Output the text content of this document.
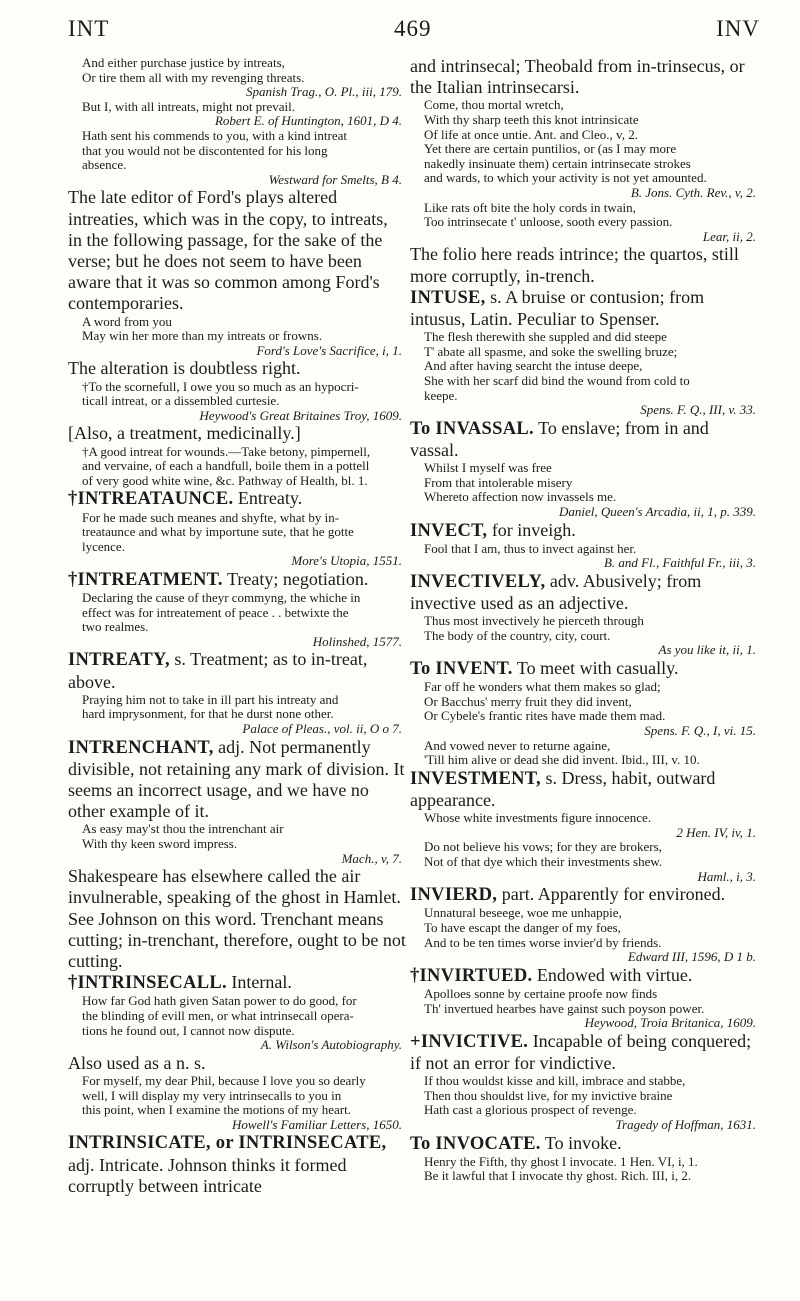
INT	469	INV
And either purchase justice by intreats,
Or tire them all with my revenging threats.
Spanish Trag., O. Pl., iii, 179.
But I, with all intreats, might not prevail.
Robert E. of Huntington, 1601, D 4.
Hath sent his commends to you, with a kind intreat
that you would not be discontented for his long
absence.
Westward for Smelts, B 4.

The late editor of Ford's plays altered intreaties, which was in the copy, to intreats, in the following passage, for the sake of the verse; but he does not seem to have been aware that it was so common among Ford's contemporaries.

A word from you
May win her more than my intreats or frowns.
Ford's Love's Sacrifice, i, 1.

The alteration is doubtless right.

†To the scornefull, I owe you so much as an hypocri-
ticall intreat, or a dissembled curtesie.
Heywood's Great Britaines Troy, 1609.

[Also, a treatment, medicinally.]

†A good intreat for wounds.—Take betony, pimpernell,
and vervaine, of each a handfull, boile them in a pottell
of very good white wine, &c. Pathway of Health, bl. 1.

†INTREATAUNCE. Entreaty.

For he made such meanes and shyfte, what by in-
treataunce and what by importune sute, that he gotte
lycence.
More's Utopia, 1551.

†INTREATMENT. Treaty; negotiation.

Declaring the cause of theyr commyng, the whiche in
effect was for intreatement of peace . . betwixte the
two realmes.
Holinshed, 1577.

INTREATY, s. Treatment; as to in-treat, above.

Praying him not to take in ill part his intreaty and
hard imprysonment, for that he durst none other.
Palace of Pleas., vol. ii, O o 7.

INTRENCHANT, adj. Not permanently divisible, not retaining any mark of division. It seems an incorrect usage, and we have no other example of it.

As easy may'st thou the intrenchant air
With thy keen sword impress.
Mach., v, 7.

Shakespeare has elsewhere called the air invulnerable, speaking of the ghost in Hamlet. See Johnson on this word. Trenchant means cutting; in-trenchant, therefore, ought to be not cutting.

†INTRINSECALL. Internal.

How far God hath given Satan power to do good, for
the blinding of evill men, or what intrinsecall opera-
tions he found out, I cannot now dispute.
A. Wilson's Autobiography.

Also used as a n. s.

For myself, my dear Phil, because I love you so dearly
well, I will display my very intrinsecalls to you in
this point, when I examine the motions of my heart.
Howell's Familiar Letters, 1650.

INTRINSICATE, or INTRINSECATE, adj. Intricate. Johnson thinks it formed corruptly between intricate

and intrinsecal; Theobald from in-trinsecus, or the Italian intrinsecarsi.

Come, thou mortal wretch,
With thy sharp teeth this knot intrinsicate
Of life at once untie. Ant. and Cleo., v, 2.
Yet there are certain puntilios, or (as I may more
nakedly insinuate them) certain intrinsecate strokes
and wards, to which your activity is not yet amounted.
B. Jons. Cyth. Rev., v, 2.
Like rats oft bite the holy cords in twain,
Too intrinsecate t' unloose, sooth every passion.
Lear, ii, 2.

The folio here reads intrince; the quartos, still more corruptly, in-trench.

INTUSE, s. A bruise or contusion; from intusus, Latin. Peculiar to Spenser.

The flesh therewith she suppled and did steepe
T' abate all spasme, and soke the swelling bruze;
And after having searcht the intuse deepe,
She with her scarf did bind the wound from cold to
keepe.
Spens. F. Q., III, v. 33.

To INVASSAL. To enslave; from in and vassal.

Whilst I myself was free
From that intolerable misery
Whereto affection now invassels me.
Daniel, Queen's Arcadia, ii, 1, p. 339.

INVECT, for inveigh.

Fool that I am, thus to invect against her.
B. and Fl., Faithful Fr., iii, 3.

INVECTIVELY, adv. Abusively; from invective used as an adjective.

Thus most invectively he pierceth through
The body of the country, city, court.
As you like it, ii, 1.

To INVENT. To meet with casually.

Far off he wonders what them makes so glad;
Or Bacchus' merry fruit they did invent,
Or Cybele's frantic rites have made them mad.
Spens. F. Q., I, vi. 15.
And vowed never to returne againe,
'Till him alive or dead she did invent. Ibid., III, v. 10.

INVESTMENT, s. Dress, habit, outward appearance.

Whose white investments figure innocence.
2 Hen. IV, iv, 1.
Do not believe his vows; for they are brokers,
Not of that dye which their investments shew.
Haml., i, 3.

INVIERD, part. Apparently for environed.

Unnatural beseege, woe me unhappie,
To have escapt the danger of my foes,
And to be ten times worse invier'd by friends.
Edward III, 1596, D 1 b.

†INVIRTUED. Endowed with virtue.

Apolloes sonne by certaine proofe now finds
Th' invertued hearbes have gainst such poyson power.
Heywood, Troia Britanica, 1609.

+INVICTIVE. Incapable of being conquered; if not an error for vindictive.

If thou wouldst kisse and kill, imbrace and stabbe,
Then thou shouldst live, for my invictive braine
Hath cast a glorious prospect of revenge.
Tragedy of Hoffman, 1631.

To INVOCATE. To invoke.

Henry the Fifth, thy ghost I invocate. 1 Hen. VI, i, 1.
Be it lawful that I invocate thy ghost. Rich. III, i, 2.
